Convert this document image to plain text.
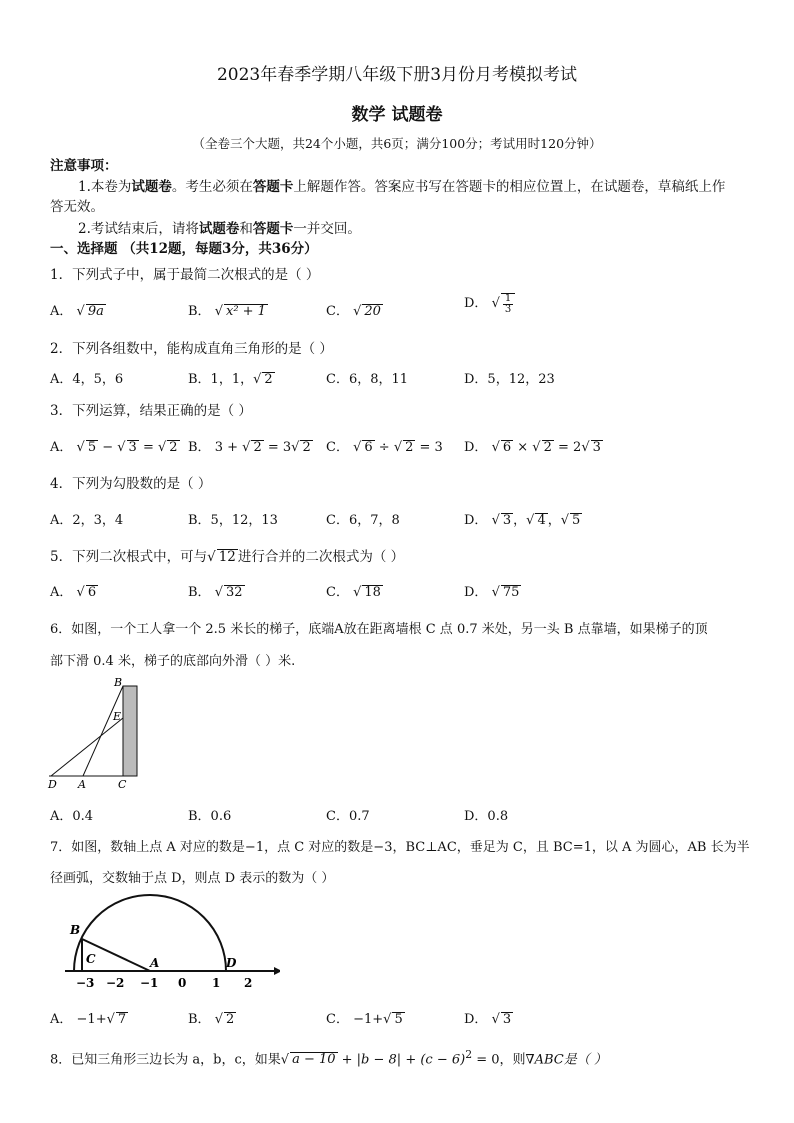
2023年春季学期八年级下册3月份月考模拟考试
数学 试题卷
（全卷三个大题，共24个小题，共6页；满分100分；考试用时120分钟）
注意事项：
1.本卷为试题卷。考生必须在答题卡上解题作答。答案应书写在答题卡的相应位置上，在试题卷，草稿纸上作
答无效。
2.考试结束后，请将试题卷和答题卡一并交回。
一、选择题 （共12题，每题3分，共36分）
1．下列式子中，属于最简二次根式的是（ ）
A． √ 9a	B． √ x² + 1	C． √ 20
D． √ $\frac{1}{3}$
2．下列各组数中，能构成直角三角形的是（ ）
A．4，5，6	B．1，1，√ 2	C．6，8，11	D．5，12，23
3．下列运算，结果正确的是（ ）
A． √ 5 − √ 3 = √ 2 B． 3 + √ 2 = 3√ 2 C． √ 6 ÷ √ 2 = 3 D． √ 6 × √ 2 = 2√ 3
4．下列为勾股数的是（ ）
A．2，3，4	B．5，12，13	C．6，7，8	D． √ 3 ，√ 4 ，√ 5
5．下列二次根式中，可与√ 12 进行合并的二次根式为（ ）
A． √ 6	B． √ 32	C． √ 18	D． √ 75
6．如图，一个工人拿一个 2.5 米长的梯子，底端A放在距离墙根 C 点 0.7 米处，另一头 B 点靠墙，如果梯子的顶
部下滑 0.4 米，梯子的底部向外滑（ ）米.
B
E
D A	C
A．0.4	B．0.6	C．0.7	D．0.8
7．如图，数轴上点 A 对应的数是−1，点 C 对应的数是−3，BC⊥AC，垂足为 C，且 BC=1，以 A 为圆心，AB 长为半
径画弧，交数轴于点 D，则点 D 表示的数为（ ）
B
C	A	D
−3 −2 −1 0 1 2
A． −1+√ 7	B． √ 2	C． −1+√ 5	D． √ 3
8．已知三角形三边长为 a，b，c，如果√ $a - 10 + |b - 8| + (c - 6)^2 = 0$，则∇ABC是（ ）
